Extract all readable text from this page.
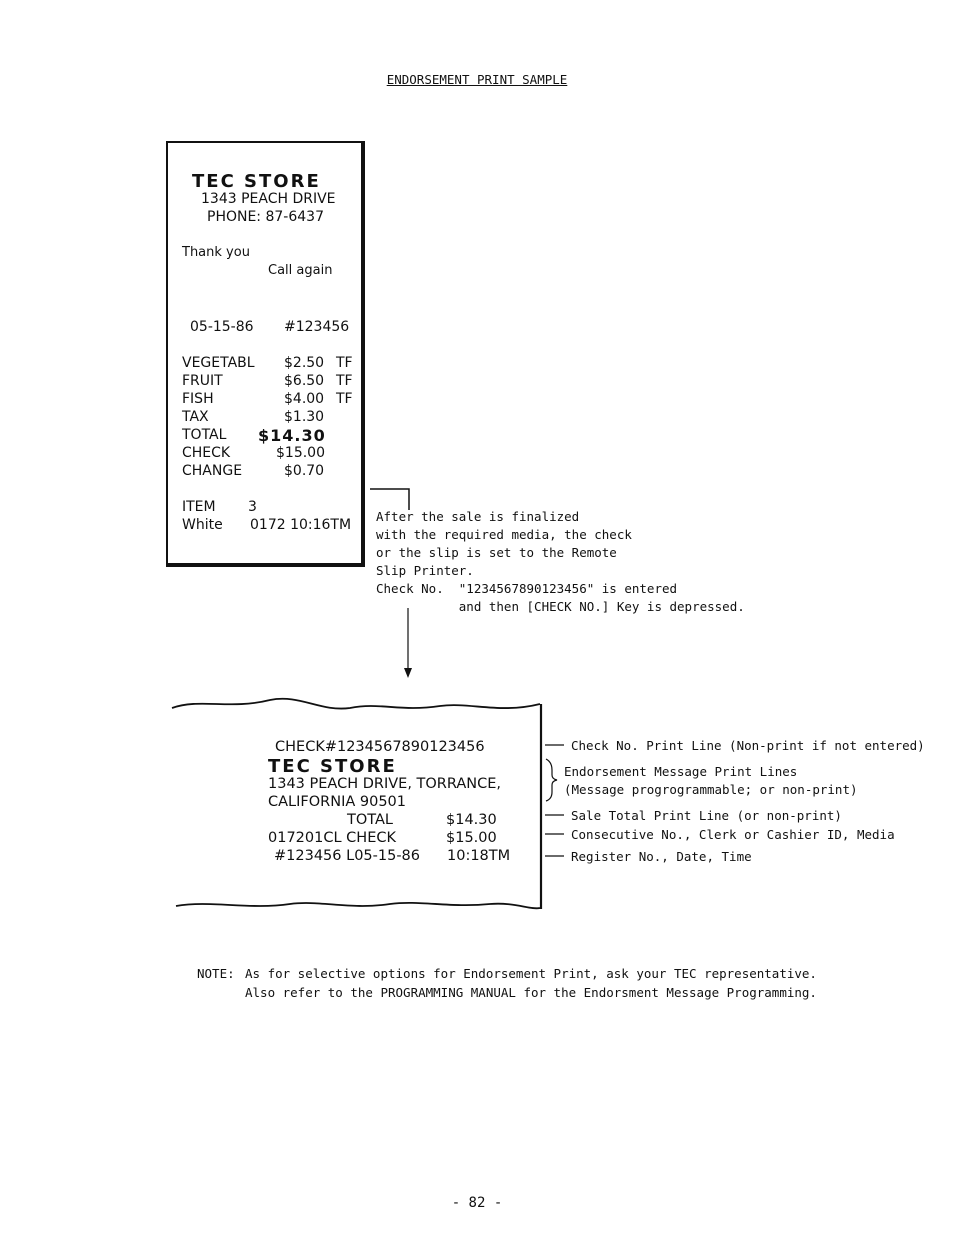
ENDORSEMENT PRINT SAMPLE
TEC STORE
1343 PEACH DRIVE
PHONE: 87-6437
Thank you
Call again
05-15-86 #123456
VEGETABL $2.50 TF
FRUIT	$6.50 TF
FISH	$4.00 TF
TAX	$1.30
TOTAL $14.30
CHECK	$15.00
CHANGE	$0.70
ITEM 3
White 0172 10:16TM
After the sale is finalized
with the required media, the check
or the slip is set to the Remote
Slip Printer.
Check No.  "1234567890123456" is entered
and then [CHECK NO.] Key is depressed.
CHECK#1234567890123456
TEC STORE
1343 PEACH DRIVE, TORRANCE,
CALIFORNIA 90501
TOTAL	$14.30
017201CL CHECK	$15.00
#123456 L05-15-86 10:18TM
Check No. Print Line (Non-print if not entered)
Endorsement Message Print Lines
(Message progrogrammable; or non-print)
Sale Total Print Line (or non-print)
Consecutive No., Clerk or Cashier ID, Media
Register No., Date, Time
NOTE: As for selective options for Endorsement Print, ask your TEC representative.
Also refer to the PROGRAMMING MANUAL for the Endorsment Message Programming.
- 82 -
